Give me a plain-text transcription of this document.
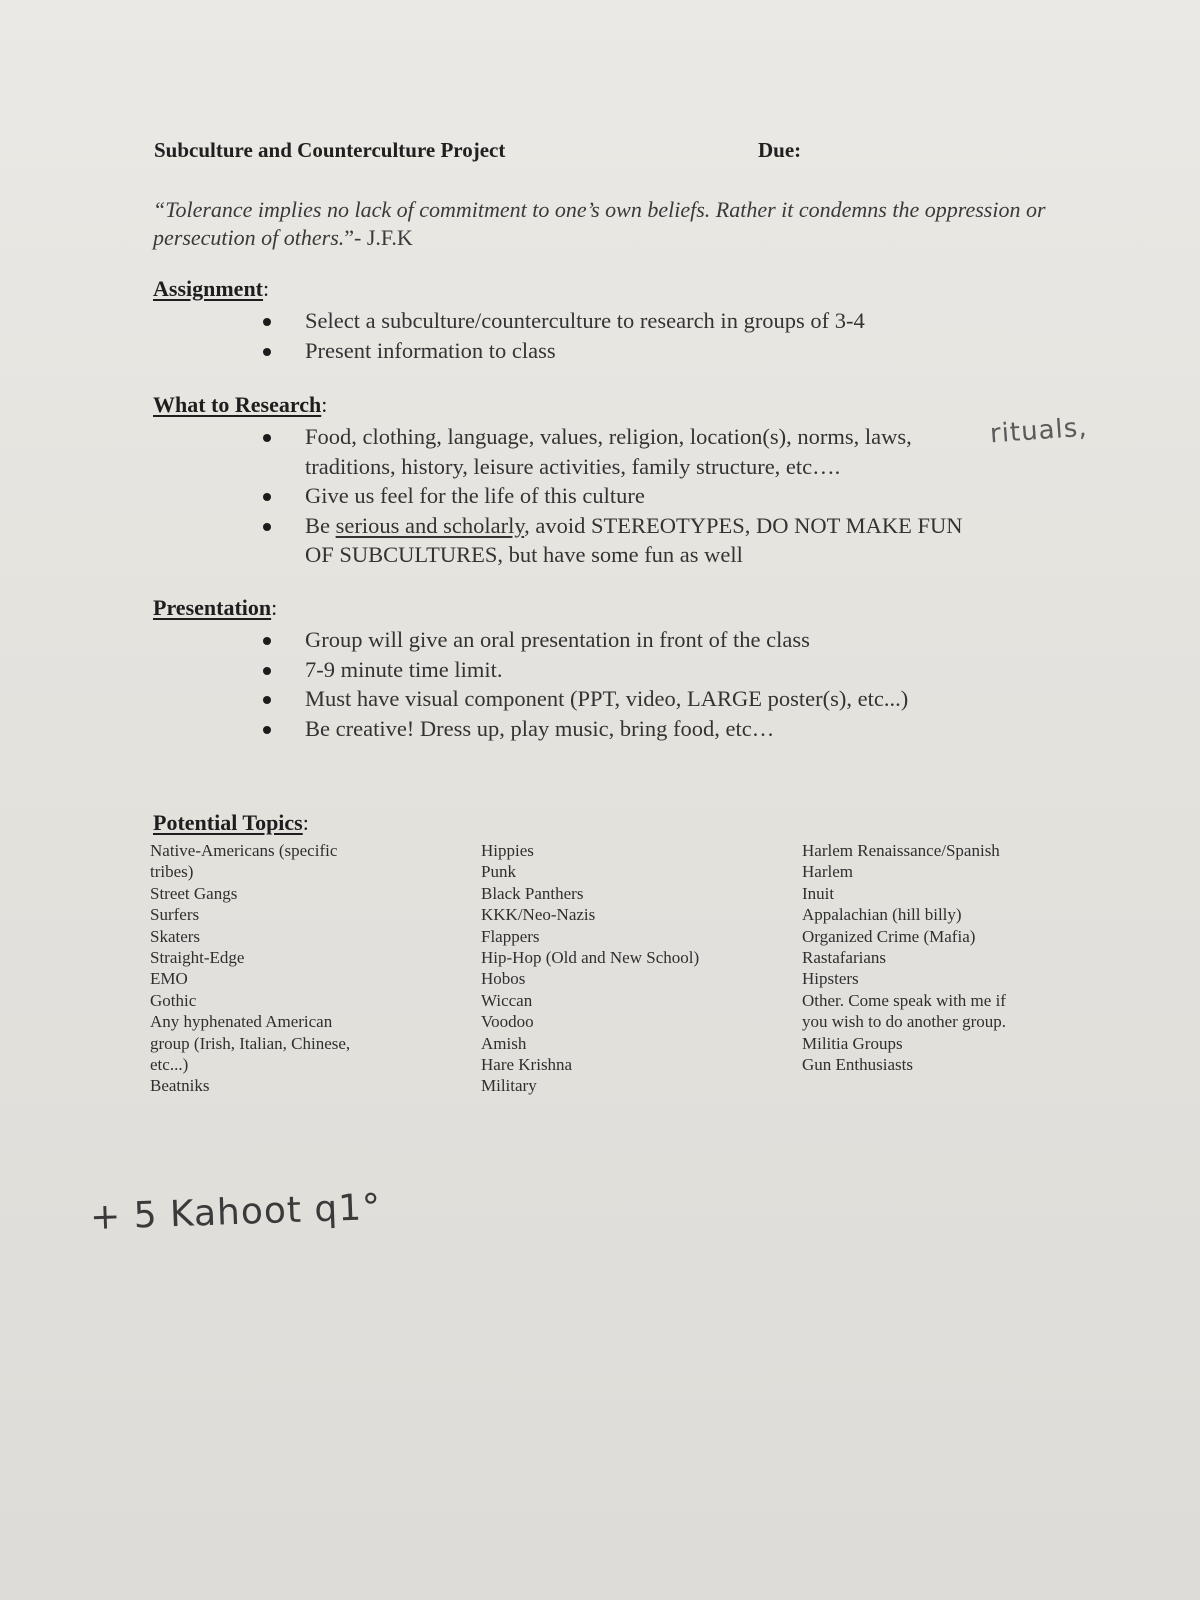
Subculture and Counterculture Project	Due:
“Tolerance implies no lack of commitment to one’s own beliefs. Rather it condemns the oppression or persecution of others.”- J.F.K
Assignment:
Select a subculture/counterculture to research in groups of 3-4
Present information to class
What to Research:
Food, clothing, language, values, religion, location(s), norms, laws,
traditions, history, leisure activities, family structure, etc….
Give us feel for the life of this culture
Be serious and scholarly, avoid STEREOTYPES, DO NOT MAKE FUN
OF SUBCULTURES, but have some fun as well
rituals,
Presentation:
Group will give an oral presentation in front of the class
7-9 minute time limit.
Must have visual component (PPT, video, LARGE poster(s), etc...)
Be creative! Dress up, play music, bring food, etc…
Potential Topics:
Native-Americans (specific
tribes)
Street Gangs
Surfers
Skaters
Straight-Edge
EMO
Gothic
Any hyphenated American
group (Irish, Italian, Chinese,
etc...)
Beatniks
Hippies
Punk
Black Panthers
KKK/Neo-Nazis
Flappers
Hip-Hop (Old and New School)
Hobos
Wiccan
Voodoo
Amish
Hare Krishna
Military
Harlem Renaissance/Spanish
Harlem
Inuit
Appalachian (hill billy)
Organized Crime (Mafia)
Rastafarians
Hipsters
Other. Come speak with me if
you wish to do another group.
Militia Groups
Gun Enthusiasts
+ 5 Kahoot q1°
